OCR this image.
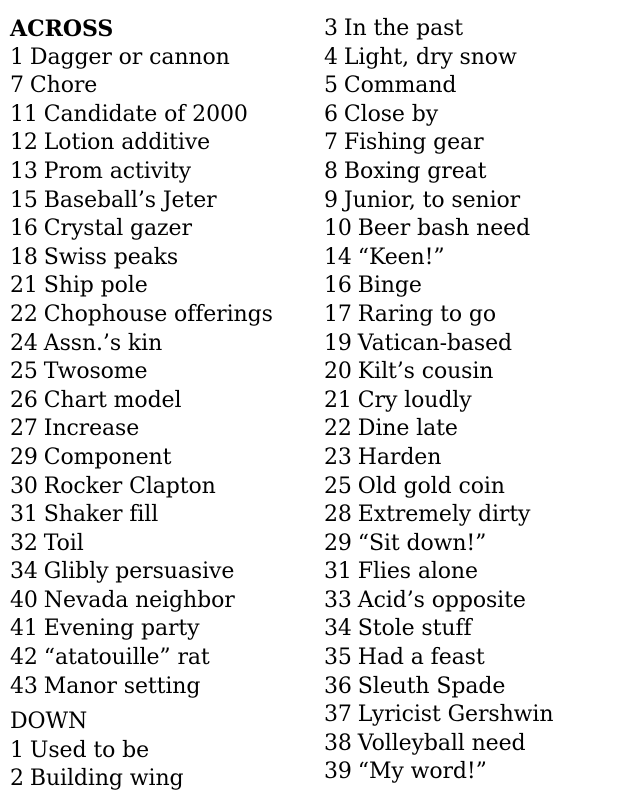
ACROSS
1 Dagger or cannon
7 Chore
11 Candidate of 2000
12 Lotion additive
13 Prom activity
15 Baseball’s Jeter
16 Crystal gazer
18 Swiss peaks
21 Ship pole
22 Chophouse offerings
24 Assn.’s kin
25 Twosome
26 Chart model
27 Increase
29 Component
30 Rocker Clapton
31 Shaker fill
32 Toil
34 Glibly persuasive
40 Nevada neighbor
41 Evening party
42 “atatouille” rat
43 Manor setting
DOWN
1 Used to be
2 Building wing
3 In the past
4 Light, dry snow
5 Command
6 Close by
7 Fishing gear
8 Boxing great
9 Junior, to senior
10 Beer bash need
14 “Keen!”
16 Binge
17 Raring to go
19 Vatican-based
20 Kilt’s cousin
21 Cry loudly
22 Dine late
23 Harden
25 Old gold coin
28 Extremely dirty
29 “Sit down!”
31 Flies alone
33 Acid’s opposite
34 Stole stuff
35 Had a feast
36 Sleuth Spade
37 Lyricist Gershwin
38 Volleyball need
39 “My word!”
